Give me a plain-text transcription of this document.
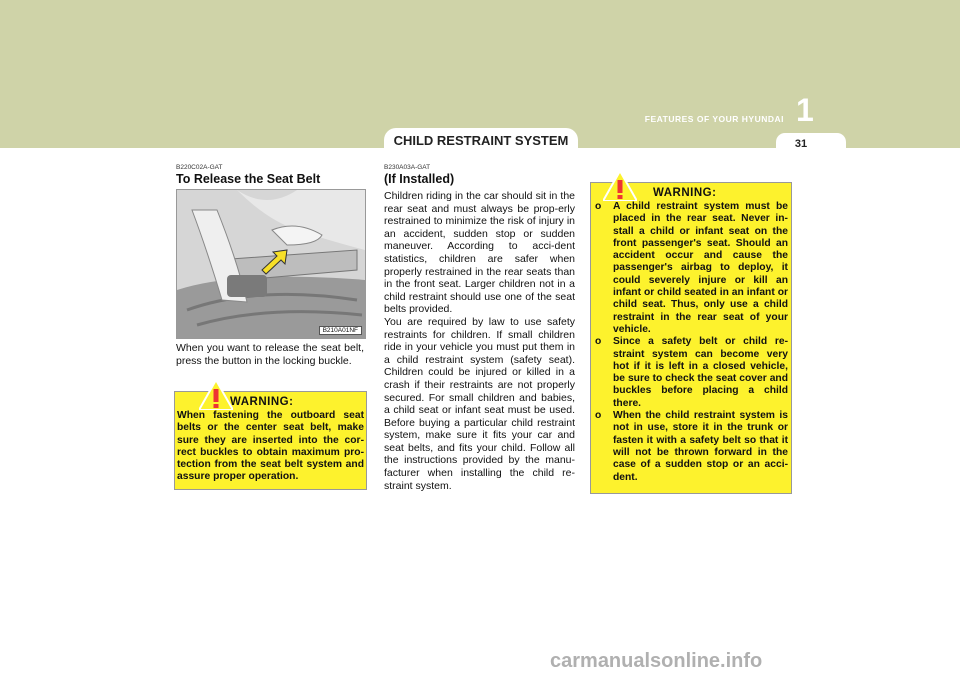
1
FEATURES OF YOUR HYUNDAI
CHILD RESTRAINT SYSTEM	31
B220C02A-GAT
To Release the Seat Belt
B210A01NF
When you want to release the seat belt, press the button in the locking buckle.
WARNING:
When fastening the outboard seat belts or the center seat belt, make sure they are inserted into the cor-rect buckles to obtain maximum pro-tection from the seat belt system and assure proper operation.
B230A03A-GAT
(If Installed)
Children riding in the car should sit in the rear seat and must always be prop-erly restrained to minimize the risk of injury in an accident, sudden stop or sudden maneuver. According to acci-dent statistics, children are safer when properly restrained in the rear seats than in the front seat. Larger children not in a child restraint should use one of the seat belts provided.
You are required by law to use safety restraints for children. If small children ride in your vehicle you must put them in a child restraint system (safety seat). Children could be injured or killed in a crash if their restraints are not properly secured. For small children and babies, a child seat or infant seat must be used. Before buying a particular child restraint system, make sure it fits your car and seat belts, and fits your child. Follow all the instructions provided by the manu-facturer when installing the child re-straint system.
WARNING:
o A child restraint system must be placed in the rear seat. Never in-stall a child or infant seat on the front passenger's seat. Should an accident occur and cause the passenger's airbag to deploy, it could severely injure or kill an infant or child seated in an infant or child seat. Thus, only use a child restraint in the rear seat of your vehicle.
o Since a safety belt or child re-straint system can become very hot if it is left in a closed vehicle, be sure to check the seat cover and buckles before placing a child there.
o When the child restraint system is not in use, store it in the trunk or fasten it with a safety belt so that it will not be thrown forward in the case of a sudden stop or an acci-dent.
carmanualsonline.info
